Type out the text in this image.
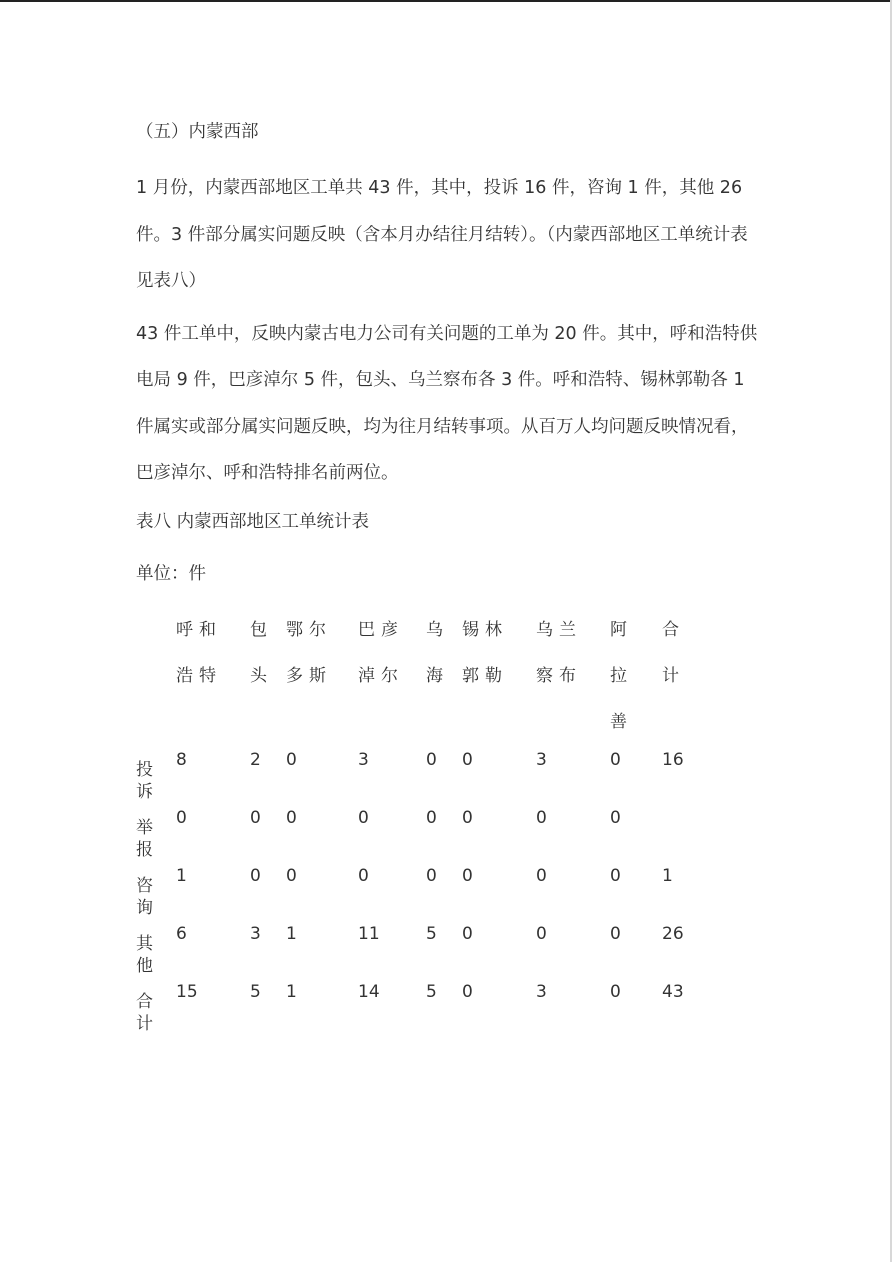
（五）内蒙西部

1 月份，内蒙西部地区工单共 43 件，其中，投诉 16 件，咨询 1 件，其他 26 件。3 件部分属实问题反映（含本月办结往月结转）。（内蒙西部地区工单统计表见表八）

43 件工单中，反映内蒙古电力公司有关问题的工单为 20 件。其中，呼和浩特供电局 9 件，巴彦淖尔 5 件，包头、乌兰察布各 3 件。呼和浩特、锡林郭勒各 1 件属实或部分属实问题反映，均为往月结转事项。从百万人均问题反映情况看，巴彦淖尔、呼和浩特排名前两位。

表八 内蒙西部地区工单统计表

单位：件

	呼和浩特	包头	鄂尔多斯	巴彦淖尔	乌海	锡林郭勒	乌兰察布	阿拉善	合计
投诉	8	2	0	3	0	0	3	0	16
举报	0	0	0	0	0	0	0	0	
咨询	1	0	0	0	0	0	0	0	1
其他	6	3	1	11	5	0	0	0	26
合计	15	5	1	14	5	0	3	0	43
